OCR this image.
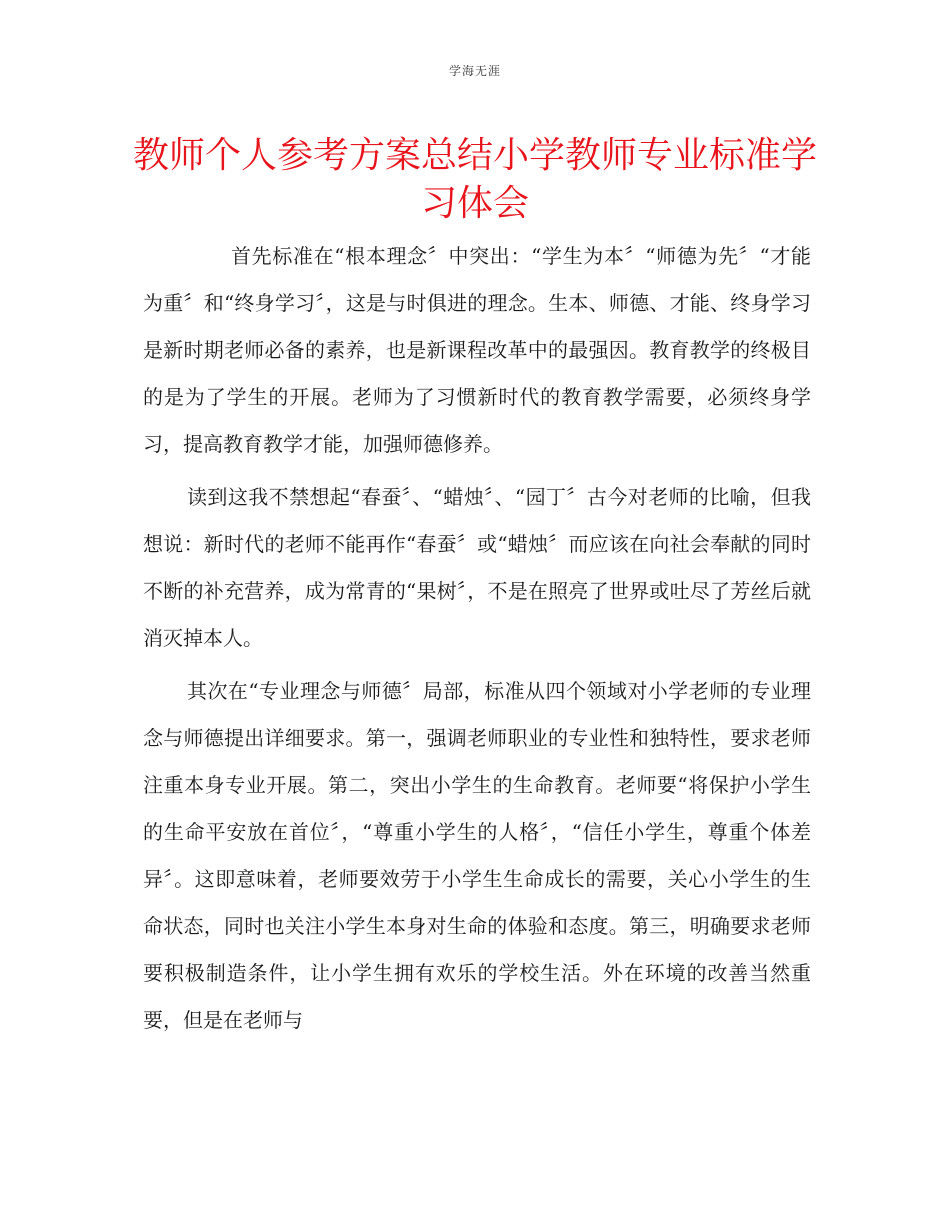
学海无涯
教师个人参考方案总结小学教师专业标准学习体会

首先标准在“根本理念〞中突出：“学生为本〞“师德为先〞“才能为重〞和“终身学习〞，这是与时俱进的理念。生本、师德、才能、终身学习是新时期老师必备的素养，也是新课程改革中的最强因。教育教学的终极目的是为了学生的开展。老师为了习惯新时代的教育教学需要，必须终身学习，提高教育教学才能，加强师德修养。

读到这我不禁想起“春蚕〞、“蜡烛〞、“园丁〞古今对老师的比喻，但我想说：新时代的老师不能再作“春蚕〞或“蜡烛〞而应该在向社会奉献的同时不断的补充营养，成为常青的“果树〞，不是在照亮了世界或吐尽了芳丝后就消灭掉本人。

其次在“专业理念与师德〞局部，标准从四个领域对小学老师的专业理念与师德提出详细要求。第一，强调老师职业的专业性和独特性，要求老师注重本身专业开展。第二，突出小学生的生命教育。老师要“将保护小学生的生命平安放在首位〞，“尊重小学生的人格〞，“信任小学生，尊重个体差异〞。这即意味着，老师要效劳于小学生生命成长的需要，关心小学生的生命状态，同时也关注小学生本身对生命的体验和态度。第三，明确要求老师要积极制造条件，让小学生拥有欢乐的学校生活。外在环境的改善当然重要，但是在老师与
